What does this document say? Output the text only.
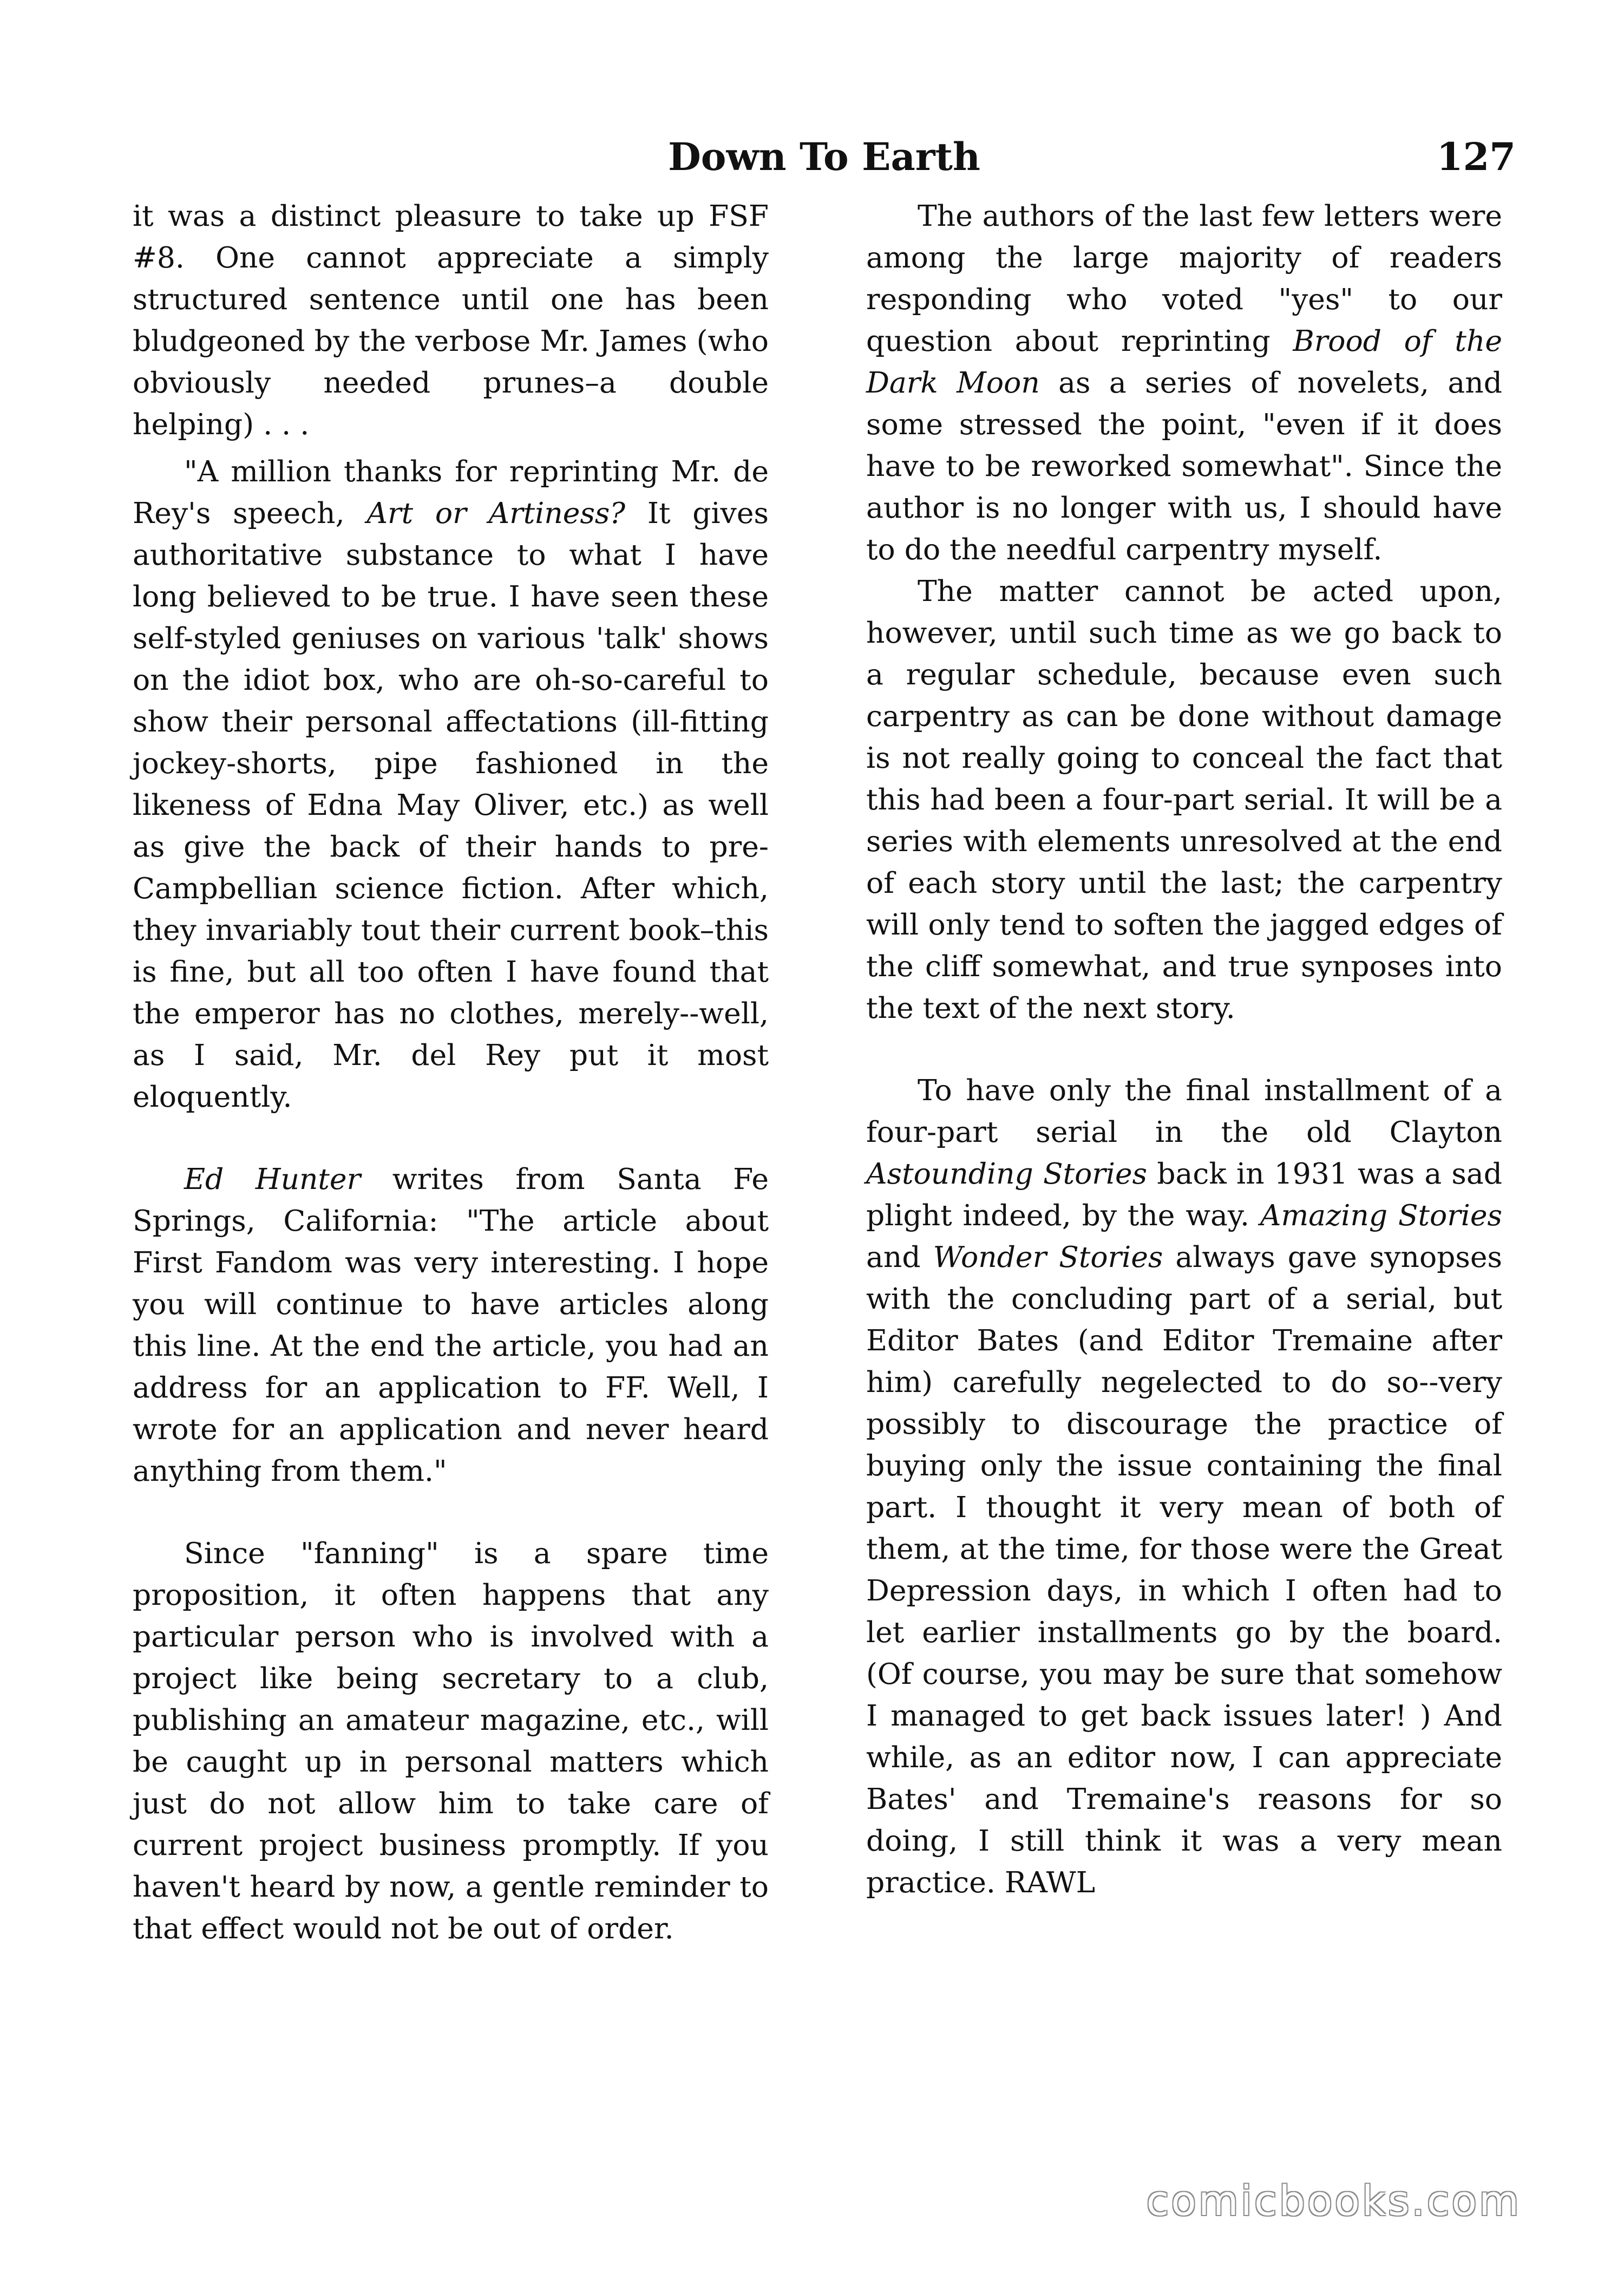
Down To Earth	127

it was a distinct pleasure to take up FSF #8. One cannot appreciate a simply structured sentence until one has been bludgeoned by the verbose Mr. James (who obviously needed prunes–a double helping) . . .

"A million thanks for reprinting Mr. de Rey's speech, Art or Artiness? It gives authoritative substance to what I have long believed to be true. I have seen these self-styled geniuses on various 'talk' shows on the idiot box, who are oh-so-careful to show their personal affectations (ill-fitting jockey-shorts, pipe fashioned in the likeness of Edna May Oliver, etc.) as well as give the back of their hands to pre-Campbellian science fiction. After which, they invariably tout their current book–this is fine, but all too often I have found that the emperor has no clothes, merely--well, as I said, Mr. del Rey put it most eloquently.

Ed Hunter writes from Santa Fe Springs, California: "The article about First Fandom was very interesting. I hope you will continue to have articles along this line. At the end the article, you had an address for an application to FF. Well, I wrote for an application and never heard anything from them."

Since "fanning" is a spare time proposition, it often happens that any particular person who is involved with a project like being secretary to a club, publishing an amateur magazine, etc., will be caught up in personal matters which just do not allow him to take care of current project business promptly. If you haven't heard by now, a gentle reminder to that effect would not be out of order.

The authors of the last few letters were among the large majority of readers responding who voted "yes" to our question about reprinting Brood of the Dark Moon as a series of novelets, and some stressed the point, "even if it does have to be reworked somewhat". Since the author is no longer with us, I should have to do the needful carpentry myself.

The matter cannot be acted upon, however, until such time as we go back to a regular schedule, because even such carpentry as can be done without damage is not really going to conceal the fact that this had been a four-part serial. It will be a series with elements unresolved at the end of each story until the last; the carpentry will only tend to soften the jagged edges of the cliff somewhat, and true synposes into the text of the next story.

To have only the final installment of a four-part serial in the old Clayton Astounding Stories back in 1931 was a sad plight indeed, by the way. Amazing Stories and Wonder Stories always gave synopses with the concluding part of a serial, but Editor Bates (and Editor Tremaine after him) carefully negelected to do so--very possibly to discourage the practice of buying only the issue containing the final part. I thought it very mean of both of them, at the time, for those were the Great Depression days, in which I often had to let earlier installments go by the board. (Of course, you may be sure that somehow I managed to get back issues later! ) And while, as an editor now, I can appreciate Bates' and Tremaine's reasons for so doing, I still think it was a very mean practice. RAWL

comicbooks.com
